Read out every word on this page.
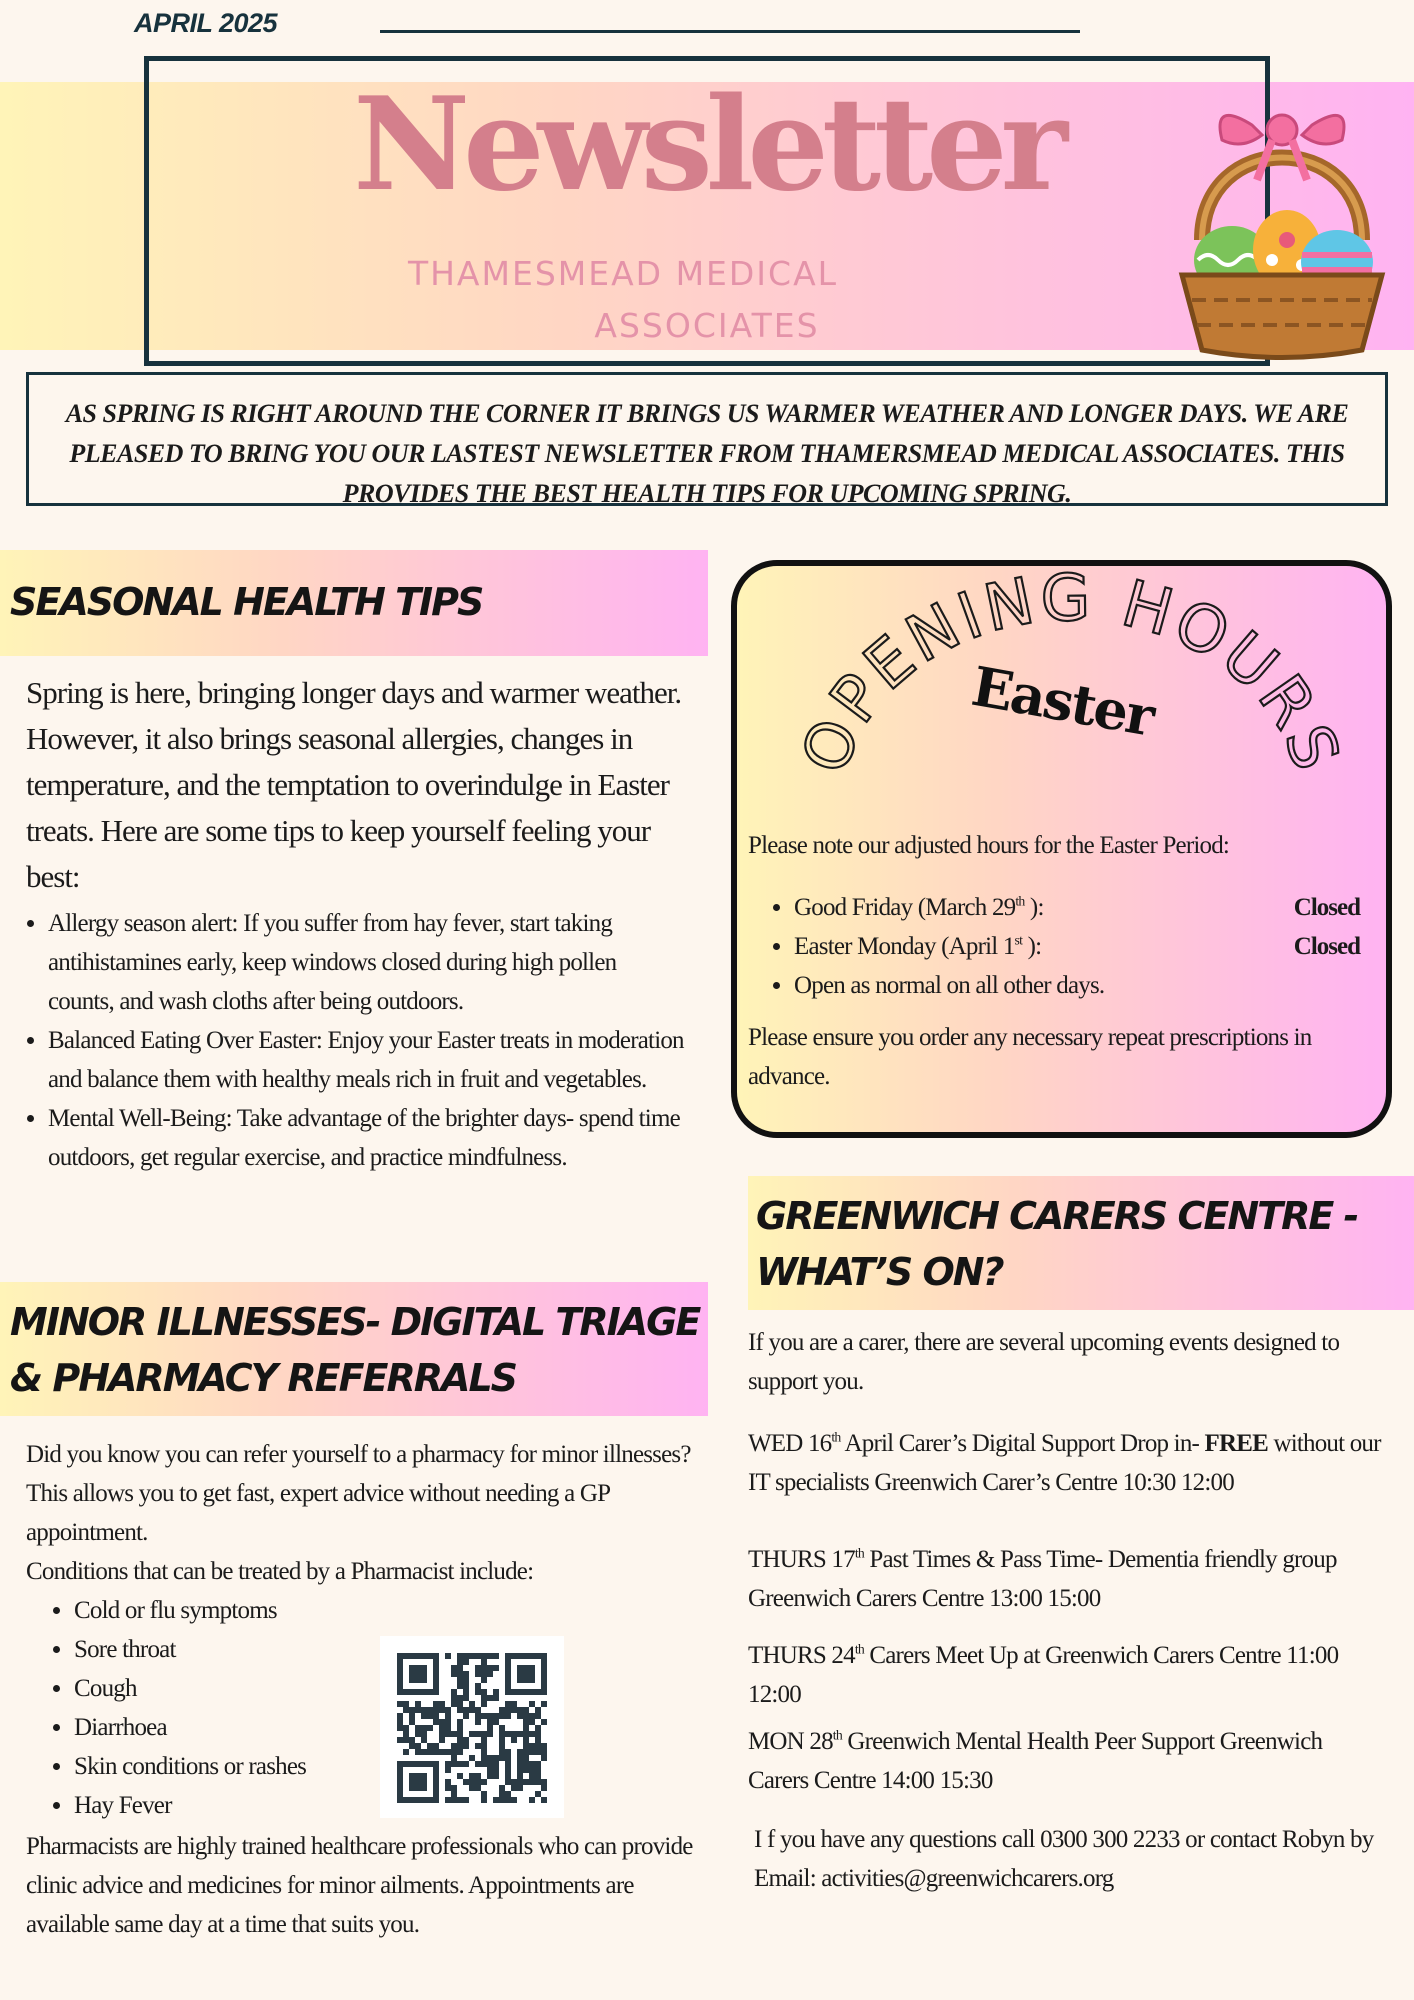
APRIL 2025
Newsletter
THAMESMEAD MEDICAL
ASSOCIATES
AS SPRING IS RIGHT AROUND THE CORNER IT BRINGS US WARMER WEATHER AND LONGER DAYS. WE ARE PLEASED TO BRING YOU OUR LASTEST NEWSLETTER FROM THAMERSMEAD MEDICAL ASSOCIATES. THIS PROVIDES THE BEST HEALTH TIPS FOR UPCOMING SPRING.
SEASONAL HEALTH TIPS
Spring is here, bringing longer days and warmer weather. However, it also brings seasonal allergies, changes in temperature, and the temptation to overindulge in Easter treats. Here are some tips to keep yourself feeling your best:
• Allergy season alert: If you suffer from hay fever, start taking antihistamines early, keep windows closed during high pollen counts, and wash cloths after being outdoors.
• Balanced Eating Over Easter: Enjoy your Easter treats in moderation and balance them with healthy meals rich in fruit and vegetables.
• Mental Well-Being: Take advantage of the brighter days- spend time outdoors, get regular exercise, and practice mindfulness.
MINOR ILLNESSES- DIGITAL TRIAGE
& PHARMACY REFERRALS
Did you know you can refer yourself to a pharmacy for minor illnesses? This allows you to get fast, expert advice without needing a GP appointment.
Conditions that can be treated by a Pharmacist include:
• Cold or flu symptoms
• Sore throat
• Cough
• Diarrhoea
• Skin conditions or rashes
• Hay Fever
Pharmacists are highly trained healthcare professionals who can provide clinic advice and medicines for minor ailments. Appointments are available same day at a time that suits you.
OPENING HOURS
Easter
Please note our adjusted hours for the Easter Period:
• Good Friday (March 29th ):	Closed
• Easter Monday (April 1st ):	Closed
• Open as normal on all other days.
Please ensure you order any necessary repeat prescriptions in advance.
GREENWICH CARERS CENTRE -
WHAT’S ON?
If you are a carer, there are several upcoming events designed to support you.
WED 16th April Carer’s Digital Support Drop in- FREE without our IT specialists Greenwich Carer’s Centre 10:30 12:00
THURS 17th Past Times & Pass Time- Dementia friendly group Greenwich Carers Centre 13:00 15:00
THURS 24th Carers Meet Up at Greenwich Carers Centre 11:00 12:00
MON 28th Greenwich Mental Health Peer Support Greenwich Carers Centre 14:00 15:30
I f you have any questions call 0300 300 2233 or contact Robyn by Email: activities@greenwichcarers.org
